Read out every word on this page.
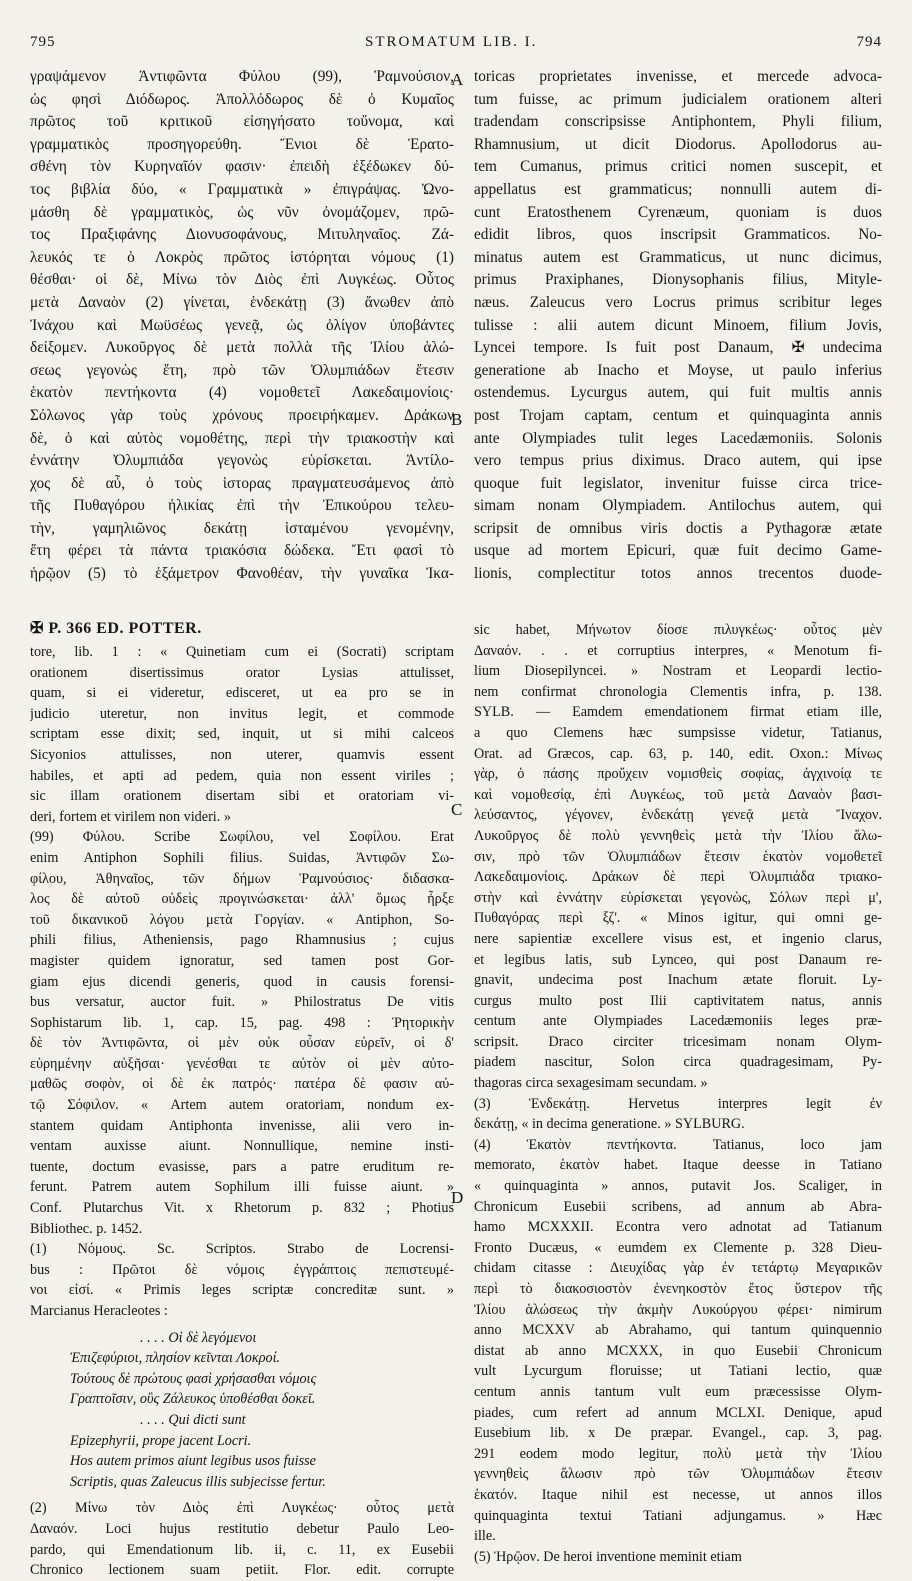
795	STROMATUM LIB. I.	794
γραψάμενον Ἀντιφῶντα Φύλου (99), Ῥαμνούσιον,
ὡς φησὶ Διόδωρος. Ἀπολλόδωρος δὲ ὁ Κυμαῖος
πρῶτος τοῦ κριτικοῦ εἰσηγήσατο τοὔνομα, καὶ
γραμματικὸς προσηγορεύθη. Ἔνιοι δὲ Ἐρατο-
σθένη τὸν Κυρηναῖόν φασιν· ἐπειδὴ ἐξέδωκεν δύ-
τος βιβλία δύο, « Γραμματικὰ » ἐπιγράψας. Ὠνο-
μάσθη δὲ γραμματικὸς, ὡς νῦν ὀνομάζομεν, πρῶ-
τος Πραξιφάνης Διονυσοφάνους, Μιτυληναῖος. Ζά-
λευκός τε ὁ Λοκρὸς πρῶτος ἱστόρηται νόμους (1)
θέσθαι· οἱ δὲ, Μίνω τὸν Διὸς ἐπὶ Λυγκέως. Οὗτος
μετὰ Δαναὸν (2) γίνεται, ἑνδεκάτῃ (3) ἄνωθεν ἀπὸ
Ἰνάχου καὶ Μωϋσέως γενεᾷ, ὡς ὀλίγον ὑποβάντες
δείξομεν. Λυκοῦργος δὲ μετὰ πολλὰ τῆς Ἰλίου ἁλώ-
σεως γεγονὼς ἔτη, πρὸ τῶν Ὀλυμπιάδων ἔτεσιν
ἑκατὸν πεντήκοντα (4) νομοθετεῖ Λακεδαιμονίοις·
Σόλωνος γὰρ τοὺς χρόνους προειρήκαμεν. Δράκων
δὲ, ὁ καὶ αὐτὸς νομοθέτης, περὶ τὴν τριακοστὴν καὶ
ἐννάτην Ὀλυμπιάδα γεγονὼς εὑρίσκεται. Ἀντίλο-
χος δὲ αὖ, ὁ τοὺς ἱστορας πραγματευσάμενος ἀπὸ
τῆς Πυθαγόρου ἡλικίας ἐπὶ τὴν Ἐπικούρου τελευ-
τὴν, γαμηλιῶνος δεκάτῃ ἱσταμένου γενομένην,
ἔτη φέρει τὰ πάντα τριακόσια δώδεκα. Ἔτι φασὶ τὸ
ἡρῷον (5) τὸ ἑξάμετρον Φανοθέαν, τὴν γυναῖκα Ἰκα-
toricas proprietates invenisse, et mercede advoca-
tum fuisse, ac primum judicialem orationem alteri
tradendam conscripsisse Antiphontem, Phyli filium,
Rhamnusium, ut dicit Diodorus. Apollodorus au-
tem Cumanus, primus critici nomen suscepit, et
appellatus est grammaticus; nonnulli autem di-
cunt Eratosthenem Cyrenæum, quoniam is duos
edidit libros, quos inscripsit Grammaticos. No-
minatus autem est Grammaticus, ut nunc dicimus,
primus Praxiphanes, Dionysophanis filius, Mityle-
næus. Zaleucus vero Locrus primus scribitur leges
tulisse : alii autem dicunt Minoem, filium Jovis,
Lyncei tempore. Is fuit post Danaum, ✠ undecima
generatione ab Inacho et Moyse, ut paulo inferius
ostendemus. Lycurgus autem, qui fuit multis annis
post Trojam captam, centum et quinquaginta annis
ante Olympiades tulit leges Lacedæmoniis. Solonis
vero tempus prius diximus. Draco autem, qui ipse
quoque fuit legislator, invenitur fuisse circa trice-
simam nonam Olympiadem. Antilochus autem, qui
scripsit de omnibus viris doctis a Pythagoræ ætate
usque ad mortem Epicuri, quæ fuit decimo Game-
lionis, complectitur totos annos trecentos duode-
A
B
C
D
✠ P. 366 ED. POTTER.
tore, lib. 1 : « Quinetiam cum ei (Socrati) scriptam
orationem disertissimus orator Lysias attulisset,
quam, si ei videretur, edisceret, ut ea pro se in
judicio uteretur, non invitus legit, et commode
scriptam esse dixit; sed, inquit, ut si mihi calceos
Sicyonios attulisses, non uterer, quamvis essent
habiles, et apti ad pedem, quia non essent viriles ;
sic illam orationem disertam sibi et oratoriam vi-
deri, fortem et virilem non videri. »
(99) Φύλου. Scribe Σωφίλου, vel Σοφίλου. Erat
enim Antiphon Sophili filius. Suidas, Ἀντιφῶν Σω-
φίλου, Ἀθηναῖος, τῶν δήμων Ῥαμνούσιος· διδασκα-
λος δὲ αὐτοῦ οὐδεὶς προγινώσκεται· ἀλλ' ὅμως ἦρξε
τοῦ δικανικοῦ λόγου μετὰ Γοργίαν. « Antiphon, So-
phili filius, Atheniensis, pago Rhamnusius ; cujus
magister quidem ignoratur, sed tamen post Gor-
giam ejus dicendi generis, quod in causis forensi-
bus versatur, auctor fuit. » Philostratus De vitis
Sophistarum lib. 1, cap. 15, pag. 498 : Ῥητορικὴν
δὲ τὸν Ἀντιφῶντα, οἱ μὲν οὐκ οὖσαν εὑρεῖν, οἱ δ'
εὑρημένην αὐξῆσαι· γενέσθαι τε αὐτὸν οἱ μὲν αὐτο-
μαθῶς σοφὸν, οἱ δὲ ἐκ πατρός· πατέρα δὲ φασιν αὐ-
τῷ Σόφιλον. « Artem autem oratoriam, nondum ex-
stantem quidam Antiphonta invenisse, alii vero in-
ventam auxisse aiunt. Nonnullique, nemine insti-
tuente, doctum evasisse, pars a patre eruditum re-
ferunt. Patrem autem Sophilum illi fuisse aiunt. »
Conf. Plutarchus Vit. x Rhetorum p. 832 ; Photius
Bibliothec. p. 1452.
(1) Νόμους. Sc. Scriptos. Strabo de Locrensi-
bus : Πρῶτοι δὲ νόμοις ἐγγράπτοις πεπιστευμέ-
νοι εἰσί. « Primis leges scriptæ concreditæ sunt. »
Marcianus Heracleotes :
. . . . Οἱ δὲ λεγόμενοι
Ἐπιζεφύριοι, πλησίον κεῖνται Λοκροί.
Τούτους δὲ πρώτους φασὶ χρήσασθαι νόμοις
Γραπτοῖσιν, οὓς Ζάλευκος ὑποθέσθαι δοκεῖ.
. . . . Qui dicti sunt
Epizephyrii, prope jacent Locri.
Hos autem primos aiunt legibus usos fuisse
Scriptis, quas Zaleucus illis subjecisse fertur.
(2) Μίνω τὸν Διὸς ἐπὶ Λυγκέως· οὗτος μετὰ
Δαναόν. Loci hujus restitutio debetur Paulo Leo-
pardo, qui Emendationum lib. ii, c. 11, ex Eusebii
Chronico lectionem suam petiit. Flor. edit. corrupte
sic habet, Μήνωτον δίοσε πιλυγκέως· οὗτος μὲν
Δαναόν. . . et corruptius interpres, « Menotum fi-
lium Diosepilyncei. » Nostram et Leopardi lectio-
nem confirmat chronologia Clementis infra, p. 138.
SYLB. — Eamdem emendationem firmat etiam ille,
a quo Clemens hæc sumpsisse videtur, Tatianus,
Orat. ad Græcos, cap. 63, p. 140, edit. Oxon.: Μίνως
γὰρ, ὁ πάσης προὔχειν νομισθεὶς σοφίας, ἀγχινοίᾳ τε
καὶ νομοθεσίᾳ, ἐπὶ Λυγκέως, τοῦ μετὰ Δαναὸν βασι-
λεύσαντος, γέγονεν, ἑνδεκάτῃ γενεᾷ μετὰ Ἴναχον.
Λυκοῦργος δὲ πολὺ γεννηθεὶς μετὰ τὴν Ἰλίου ἅλω-
σιν, πρὸ τῶν Ὀλυμπιάδων ἔτεσιν ἑκατὸν νομοθετεῖ
Λακεδαιμονίοις. Δράκων δὲ περὶ Ὀλυμπιάδα τριακο-
στὴν καὶ ἐννάτην εὑρίσκεται γεγονὼς, Σόλων περὶ μ',
Πυθαγόρας περὶ ξζ'. « Minos igitur, qui omni ge-
nere sapientiæ excellere visus est, et ingenio clarus,
et legibus latis, sub Lynceo, qui post Danaum re-
gnavit, undecima post Inachum ætate floruit. Ly-
curgus multo post Ilii captivitatem natus, annis
centum ante Olympiades Lacedæmoniis leges præ-
scripsit. Draco circiter tricesimam nonam Olym-
piadem nascitur, Solon circa quadragesimam, Py-
thagoras circa sexagesimam secundam. »
(3) Ἑνδεκάτῃ. Hervetus interpres legit ἐν
δεκάτῃ, « in decima generatione. » SYLBURG.
(4) Ἑκατὸν πεντήκοντα. Tatianus, loco jam
memorato, ἑκατὸν habet. Itaque deesse in Tatiano
« quinquaginta » annos, putavit Jos. Scaliger, in
Chronicum Eusebii scribens, ad annum ab Abra-
hamo MCXXXII. Econtra vero adnotat ad Tatianum
Fronto Ducæus, « eumdem ex Clemente p. 328 Dieu-
chidam citasse : Διευχίδας γὰρ ἐν τετάρτῳ Μεγαρικῶν
περὶ τὸ διακοσιοστὸν ἐνενηκοστὸν ἔτος ὕστερον τῆς
Ἰλίου ἁλώσεως τὴν ἀκμὴν Λυκούργου φέρει· nimirum
anno MCXXV ab Abrahamo, qui tantum quinquennio
distat ab anno MCXXX, in quo Eusebii Chronicum
vult Lycurgum floruisse; ut Tatiani lectio, quæ
centum annis tantum vult eum præcessisse Olym-
piades, cum refert ad annum MCLXI. Denique, apud
Eusebium lib. x De præpar. Evangel., cap. 3, pag.
291 eodem modo legitur, πολὺ μετὰ τὴν Ἰλίου
γεννηθεὶς ἅλωσιν πρὸ τῶν Ὀλυμπιάδων ἔτεσιν
ἑκατόν. Itaque nihil est necesse, ut annos illos
quinquaginta textui Tatiani adjungamus. » Hæc
ille.
(5) Ἡρῷον. De heroi inventione meminit etiam
